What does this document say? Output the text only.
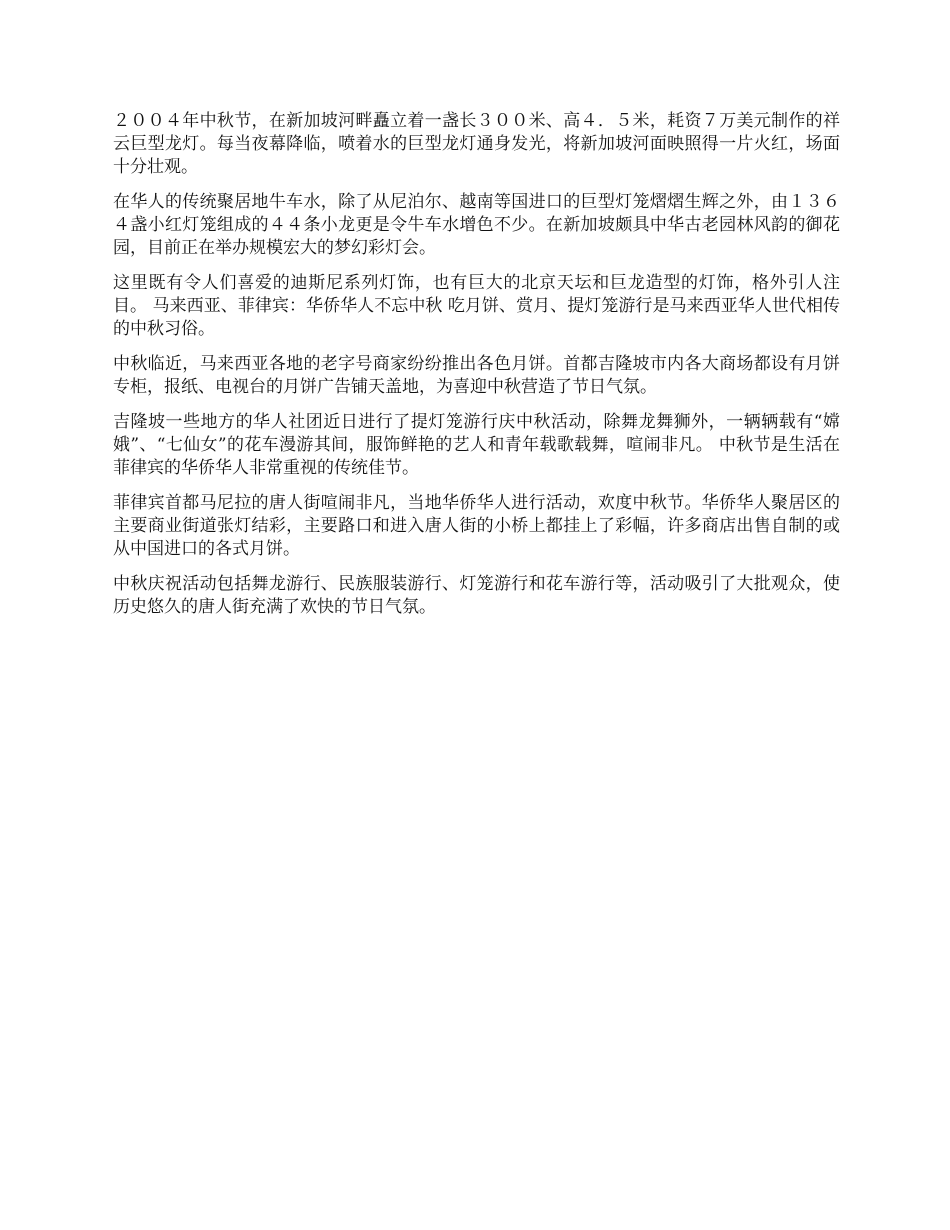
２００４年中秋节，在新加坡河畔矗立着一盏长３００米、高４．５米，耗资７万美元制作的祥云巨型龙灯。每当夜幕降临，喷着水的巨型龙灯通身发光，将新加坡河面映照得一片火红，场面十分壮观。

在华人的传统聚居地牛车水，除了从尼泊尔、越南等国进口的巨型灯笼熠熠生辉之外，由１３６４盏小红灯笼组成的４４条小龙更是令牛车水增色不少。在新加坡颇具中华古老园林风韵的御花园，目前正在举办规模宏大的梦幻彩灯会。

这里既有令人们喜爱的迪斯尼系列灯饰，也有巨大的北京天坛和巨龙造型的灯饰，格外引人注目。 马来西亚、菲律宾：华侨华人不忘中秋 吃月饼、赏月、提灯笼游行是马来西亚华人世代相传的中秋习俗。

中秋临近，马来西亚各地的老字号商家纷纷推出各色月饼。首都吉隆坡市内各大商场都设有月饼专柜，报纸、电视台的月饼广告铺天盖地，为喜迎中秋营造了节日气氛。

吉隆坡一些地方的华人社团近日进行了提灯笼游行庆中秋活动，除舞龙舞狮外，一辆辆载有“嫦娥”、“七仙女”的花车漫游其间，服饰鲜艳的艺人和青年载歌载舞，喧闹非凡。 中秋节是生活在菲律宾的华侨华人非常重视的传统佳节。

菲律宾首都马尼拉的唐人街喧闹非凡，当地华侨华人进行活动，欢度中秋节。华侨华人聚居区的主要商业街道张灯结彩，主要路口和进入唐人街的小桥上都挂上了彩幅，许多商店出售自制的或从中国进口的各式月饼。

中秋庆祝活动包括舞龙游行、民族服装游行、灯笼游行和花车游行等，活动吸引了大批观众，使历史悠久的唐人街充满了欢快的节日气氛。
